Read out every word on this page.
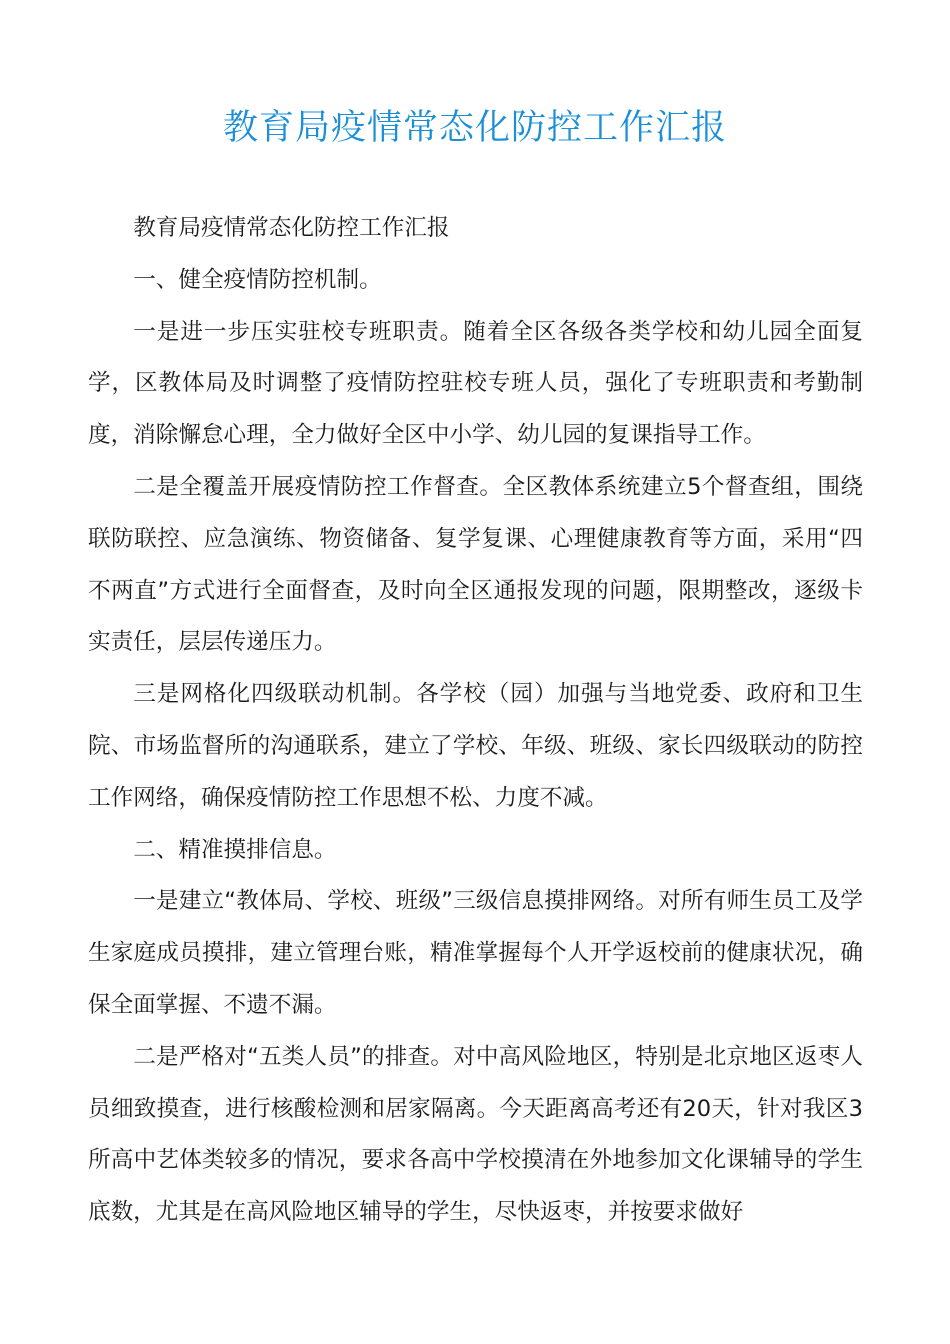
教育局疫情常态化防控工作汇报

教育局疫情常态化防控工作汇报

一、健全疫情防控机制。

一是进一步压实驻校专班职责。随着全区各级各类学校和幼儿园全面复学，区教体局及时调整了疫情防控驻校专班人员，强化了专班职责和考勤制度，消除懈怠心理，全力做好全区中小学、幼儿园的复课指导工作。

二是全覆盖开展疫情防控工作督查。全区教体系统建立5个督查组，围绕联防联控、应急演练、物资储备、复学复课、心理健康教育等方面，采用“四不两直”方式进行全面督查，及时向全区通报发现的问题，限期整改，逐级卡实责任，层层传递压力。

三是网格化四级联动机制。各学校（园）加强与当地党委、政府和卫生院、市场监督所的沟通联系，建立了学校、年级、班级、家长四级联动的防控工作网络，确保疫情防控工作思想不松、力度不减。

二、精准摸排信息。

一是建立“教体局、学校、班级”三级信息摸排网络。对所有师生员工及学生家庭成员摸排，建立管理台账，精准掌握每个人开学返校前的健康状况，确保全面掌握、不遗不漏。

二是严格对“五类人员”的排查。对中高风险地区，特别是北京地区返枣人员细致摸查，进行核酸检测和居家隔离。今天距离高考还有20天，针对我区3所高中艺体类较多的情况，要求各高中学校摸清在外地参加文化课辅导的学生底数，尤其是在高风险地区辅导的学生，尽快返枣，并按要求做好
